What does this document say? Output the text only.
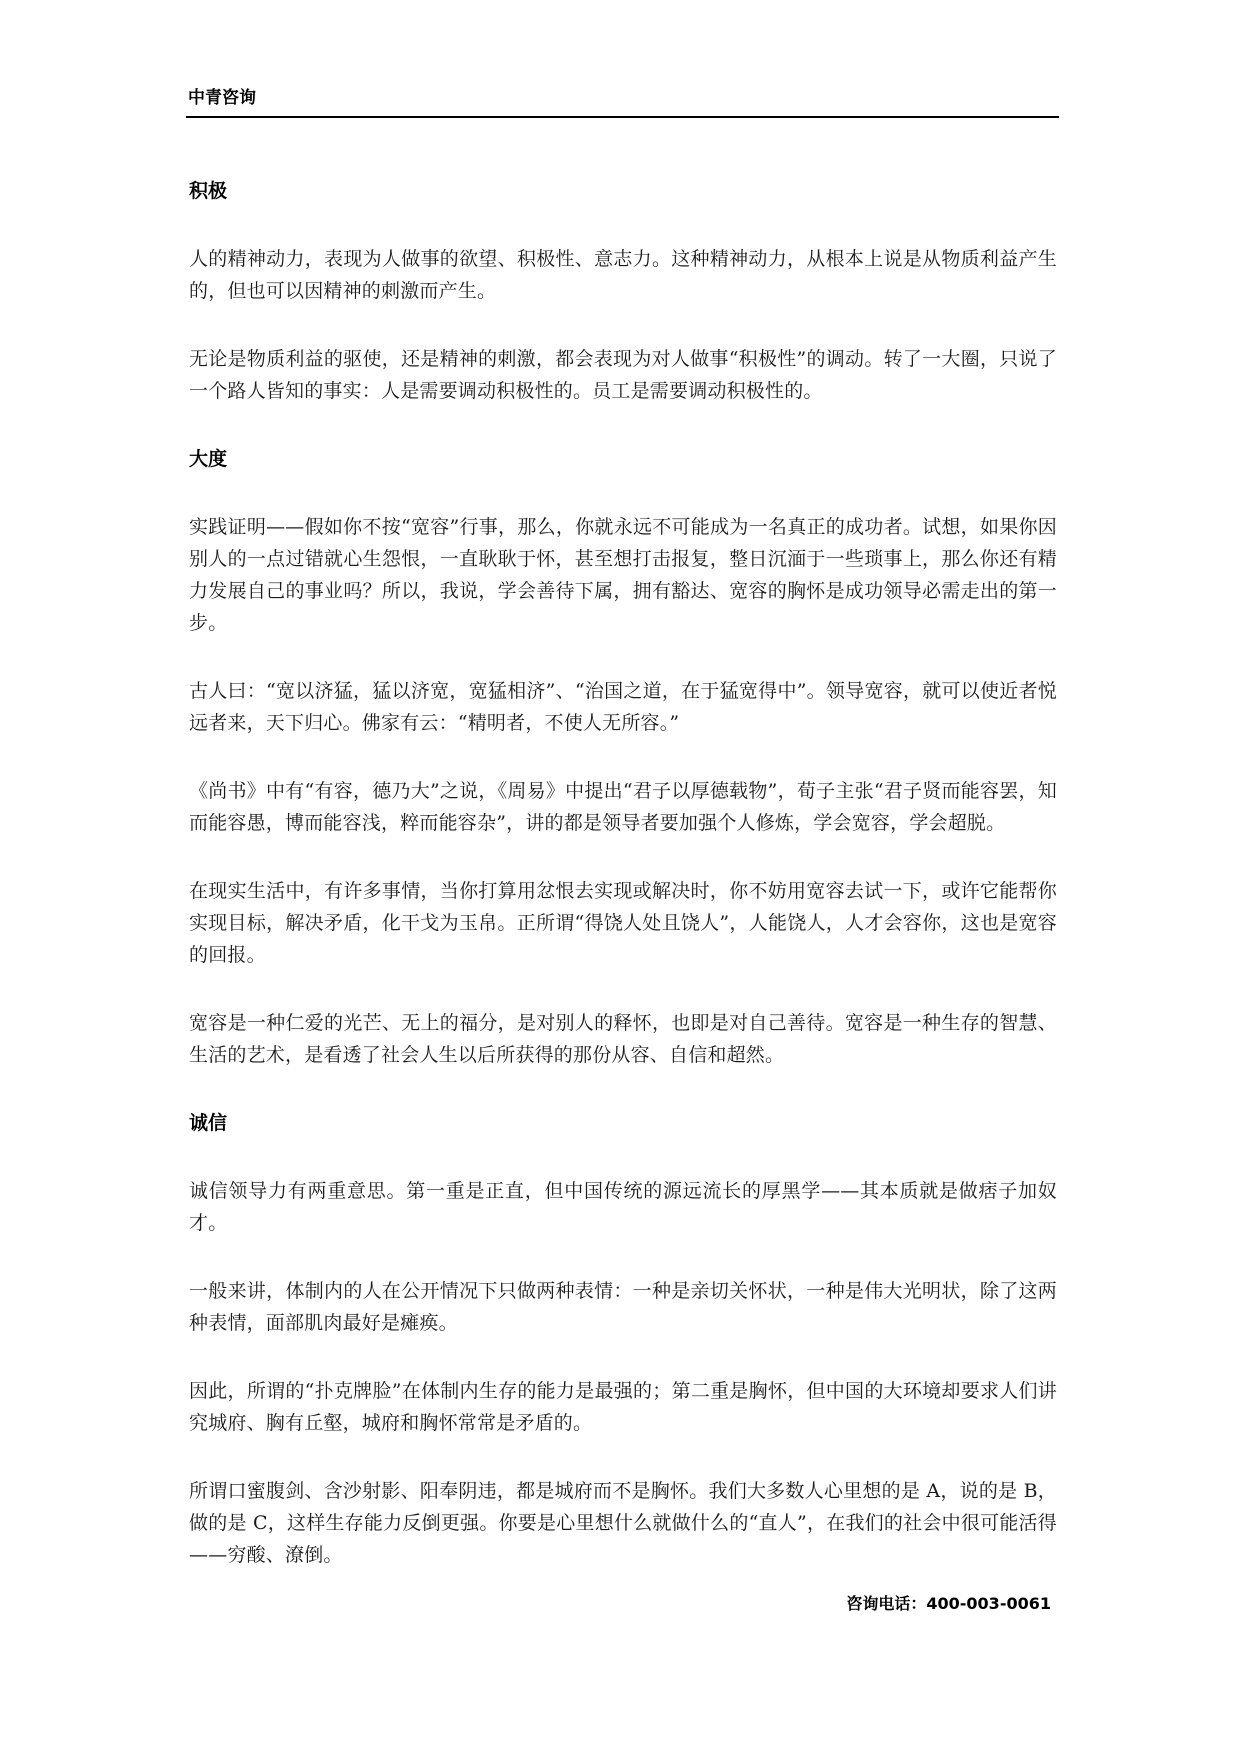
中青咨询
积极

人的精神动力，表现为人做事的欲望、积极性、意志力。这种精神动力，从根本上说是从物质利益产生的，但也可以因精神的刺激而产生。

无论是物质利益的驱使，还是精神的刺激，都会表现为对人做事“积极性”的调动。转了一大圈，只说了一个路人皆知的事实：人是需要调动积极性的。员工是需要调动积极性的。

大度

实践证明——假如你不按“宽容”行事，那么，你就永远不可能成为一名真正的成功者。试想，如果你因别人的一点过错就心生怨恨，一直耿耿于怀，甚至想打击报复，整日沉湎于一些琐事上，那么你还有精力发展自己的事业吗？所以，我说，学会善待下属，拥有豁达、宽容的胸怀是成功领导必需走出的第一步。

古人曰：“宽以济猛，猛以济宽，宽猛相济”、“治国之道，在于猛宽得中”。领导宽容，就可以使近者悦远者来，天下归心。佛家有云：“精明者，不使人无所容。”

《尚书》中有“有容，德乃大”之说，《周易》中提出“君子以厚德载物”，荀子主张“君子贤而能容罢，知而能容愚，博而能容浅，粹而能容杂”，讲的都是领导者要加强个人修炼，学会宽容，学会超脱。

在现实生活中，有许多事情，当你打算用忿恨去实现或解决时，你不妨用宽容去试一下，或许它能帮你实现目标，解决矛盾，化干戈为玉帛。正所谓“得饶人处且饶人”，人能饶人，人才会容你，这也是宽容的回报。

宽容是一种仁爱的光芒、无上的福分，是对别人的释怀，也即是对自己善待。宽容是一种生存的智慧、生活的艺术，是看透了社会人生以后所获得的那份从容、自信和超然。

诚信

诚信领导力有两重意思。第一重是正直，但中国传统的源远流长的厚黑学——其本质就是做痞子加奴才。

一般来讲，体制内的人在公开情况下只做两种表情：一种是亲切关怀状，一种是伟大光明状，除了这两种表情，面部肌肉最好是瘫痪。

因此，所谓的“扑克牌脸”在体制内生存的能力是最强的；第二重是胸怀，但中国的大环境却要求人们讲究城府、胸有丘壑，城府和胸怀常常是矛盾的。

所谓口蜜腹剑、含沙射影、阳奉阴违，都是城府而不是胸怀。我们大多数人心里想的是 A，说的是 B，做的是 C，这样生存能力反倒更强。你要是心里想什么就做什么的“直人”，在我们的社会中很可能活得——穷酸、潦倒。

咨询电话：400-003-0061
